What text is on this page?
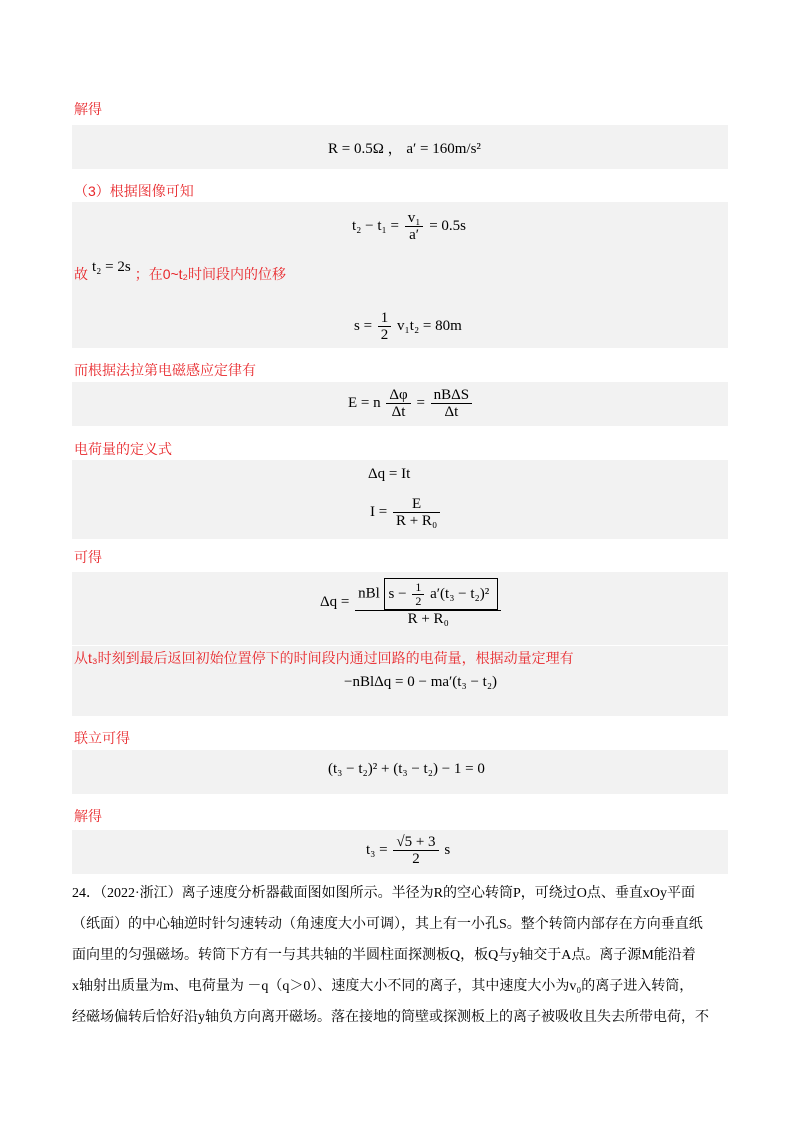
解得
R = 0.5Ω ， a′ = 160m/s²
（3）根据图像可知
$t_2 - t_1 = \frac{\text{v₁}}{a'} = 0.5s$
故 t₂ = 2s ；在0~t₂时间段内的位移
$s = \frac{1}{2} v_1t_2 = 80m$
而根据法拉第电磁感应定律有
E = n $\frac{\Delta\varphi}{\Delta t} = \frac{\text{nBΔS}}{\Delta t}$
电荷量的定义式
Δq = It
$I = \frac{E}{\text{R + R₀}}$
可得
Δq =
nBl $s - \frac{1}{2} a'(t_3 - t_2)^2$
R + R₀
从t₃时刻到最后返回初始位置停下的时间段内通过回路的电荷量，根据动量定理有
−nBlΔq = 0 − ma′(t₃ − t₂)
联立可得
(t₃ − t₂)² + (t₃ − t₂) − 1 = 0
解得
$t_3 = \frac{√5 + 3}{2}$ s

24．（2022·浙江）离子速度分析器截面图如图所示。半径为R的空心转筒P，可绕过O点、垂直xOy平面

（纸面）的中心轴逆时针匀速转动（角速度大小可调），其上有一小孔S。整个转筒内部存在方向垂直纸

面向里的匀强磁场。转筒下方有一与其共轴的半圆柱面探测板Q，板Q与y轴交于A点。离子源M能沿着

x轴射出质量为m、电荷量为 －q（q＞0）、速度大小不同的离子，其中速度大小为v₀的离子进入转筒，

经磁场偏转后恰好沿y轴负方向离开磁场。落在接地的筒壁或探测板上的离子被吸收且失去所带电荷，不
